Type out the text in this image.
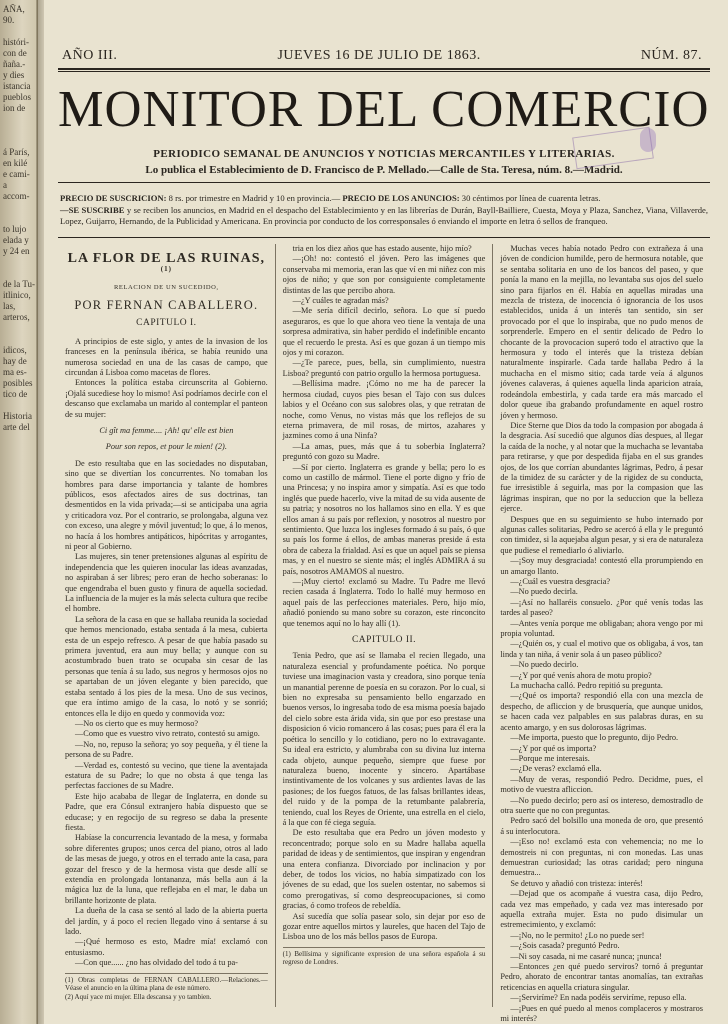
AÑA,
90.

históri-
con de
ñaña.-
y dies
istancia
pueblos
ion de

á París,
en kilé
e cami-
a accom-

to lujo
elada y
y 24 en

de la Tu-
itlinico,
las,
arteros,

idicos,
hay de
ma es-
posibles
tico de

Historia
arte del
AÑO III.	JUEVES 16 DE JULIO DE 1863.	NÚM. 87.
MONITOR DEL COMERCIO
PERIODICO SEMANAL DE ANUNCIOS Y NOTICIAS MERCANTILES Y LITERARIAS.
Lo publica el Establecimiento de D. Francisco de P. Mellado.—Calle de Sta. Teresa, núm. 8.—Madrid.

PRECIO DE SUSCRICION: 8 rs. por trimestre en Madrid y 10 en provincia.— PRECIO DE LOS ANUNCIOS: 30 céntimos por línea de cuarenta letras.

—SE SUSCRIBE y se reciben los anuncios, en Madrid en el despacho del Establecimiento y en las librerías de Durán, Bayll-Bailliere, Cuesta, Moya y Plaza, Sanchez, Viana, Villaverde, Lopez, Guijarro, Hernando, de la Publicidad y Americana. En provincia por conducto de los corresponsales ó enviando el importe en letra ó sellos de franqueo.

LA FLOR DE LAS RUINAS, $^{(1)}$
RELACION DE UN SUCEDIDO,
POR FERNAN CABALLERO.
CAPITULO I.

A principios de este siglo, y antes de la invasion de los franceses en la península ibérica, se había reunido una numerosa sociedad en una de las casas de campo, que circundan á Lisboa como macetas de flores.

Entonces la política estaba circunscrita al Gobierno. ¡Ojalá sucediese hoy lo mismo! Así podríamos decirle con el descanso que exclamaba un marido al contemplar el panteon de su mujer:

Ci gît ma femme.... ¡Ah! qu' elle est bien

Pour son repos, et pour le mien! (2).

De esto resultaba que en las sociedades no disputaban, sino que se divertían los concurrentes. No tomaban los hombres para darse importancia y talante de hombres públicos, esos afectados aires de sus doctrinas, tan desmentidos en la vida privada;—si se anticipaba una agria y criticadora voz. Por el contrario, se prolongaba, alguna vez con exceso, una alegre y móvil juventud; lo que, á lo menos, no hacía á los hombres antipáticos, hipócritas y arrogantes, ni peor al Gobierno.

Las mujeres, sin tener pretensiones algunas al espíritu de independencia que les quieren inocular las ideas avanzadas, no aspiraban á ser libres; pero eran de hecho soberanas: lo que engendraba el buen gusto y finura de aquella sociedad. La influencia de la mujer es la más selecta cultura que recibe el hombre.

La señora de la casa en que se hallaba reunida la sociedad que hemos mencionado, estaba sentada á la mesa, cubierta esta de un espejo refresco. A pesar de que había pasado su primera juventud, era aun muy bella; y aunque con su acostumbrado buen trato se ocupaba sin cesar de las personas que tenía á su lado, sus negros y hermosos ojos no se apartaban de un jóven elegante y bien parecido, que estaba sentado á los pies de la mesa. Uno de sus vecinos, que era íntimo amigo de la casa, lo notó y se sonrió; entonces ella le dijo en quedo y conmovida voz:

—No os cierto que es muy hermoso?

—Como que es vuestro vivo retrato, contestó su amigo.

—No, no, repuso la señora; yo soy pequeña, y él tiene la persona de su Padre.

—Verdad es, contestó su vecino, que tiene la aventajada estatura de su Padre; lo que no obsta á que tenga las perfectas facciones de su Madre.

Este hijo acababa de llegar de Inglaterra, en donde su Padre, que era Cónsul extranjero había dispuesto que se educase; y en regocijo de su regreso se daba la presente fiesta.

Habíase la concurrencia levantado de la mesa, y formaba sobre diferentes grupos; unos cerca del piano, otros al lado de las mesas de juego, y otros en el terrado ante la casa, para gozar del fresco y de la hermosa vista que desde allí se extendía en prolongada lontananza, más bella aun á la mágica luz de la luna, que reflejaba en el mar, le daba un brillante horizonte de plata.

La dueña de la casa se sentó al lado de la abierta puerta del jardín, y á poco el recien llegado vino á sentarse á su lado.

—¡Qué hermoso es esto, Madre mía! exclamó con entusiasmo.

—Con que...... ¿no has olvidado del todo á tu pa-

(1) Obras completas de FERNAN CABALLERO.—Relaciones.—Véase el anuncio en la última plana de este número.

(2) Aquí yace mi mujer. Ella descansa y yo tambien.

tria en los diez años que has estado ausente, hijo mío?

—¡Oh! no: contestó el jóven. Pero las imágenes que conservaba mi memoria, eran las que ví en mi niñez con mis ojos de niño; y que son por consiguiente completamente distintas de las que percibo ahora.

—¿Y cuáles te agradan más?

—Me sería difícil decirlo, señora. Lo que sí puedo aseguraros, es que lo que ahora veo tiene la ventaja de una sorpresa admirativa, sin haber perdido el indefinible encanto que el recuerdo le presta. Así es que gozan á un tiempo mis ojos y mi corazon.

—¿Te parece, pues, bella, sin cumplimiento, nuestra Lisboa? preguntó con patrio orgullo la hermosa portuguesa.

—Bellísima madre. ¡Cómo no me ha de parecer la hermosa ciudad, cuyos pies besan el Tajo con sus dulces labios y el Océano con sus salobres olas, y que retratan de noche, como Venus, no vistas más que los reflejos de su eterna primavera, de mil rosas, de mirtos, azahares y jazmines como á una Ninfa?

—La amas, pues, más que á tu soberbia Inglaterra? preguntó con gozo su Madre.

—Sí por cierto. Inglaterra es grande y bella; pero lo es como un castillo de mármol. Tiene el porte digno y frío de una Princesa; y no inspira amor y simpatía. Así es que todo inglés que puede hacerlo, vive la mitad de su vida ausente de su patria; y nosotros no los hallamos sino en ella. Y es que ellos aman á su país por reflexion, y nosotros al nuestro por sentimiento. Que luzca los ingleses formado á su país, ó que su país los forme á ellos, de ambas maneras preside á esta obra de cabeza la frialdad. Así es que un aquel país se piensa mas, y en el nuestro se siente más; el inglés ADMIRA á su país, nosotros AMAMOS al nuestro.

—¡Muy cierto! exclamó su Madre. Tu Padre me llevó recien casada á Inglaterra. Todo lo hallé muy hermoso en aquel país de las perfecciones materiales. Pero, hijo mío, añadió poniendo su mano sobre su corazon, este rinconcito que tenemos aquí no lo hay allí (1).

CAPITULO II.

Tenia Pedro, que así se llamaba el recien llegado, una naturaleza esencial y profundamente poética. No porque tuviese una imaginacion vasta y creadora, sino porque tenía un manantial perenne de poesía en su corazon. Por lo cual, si bien no expresaba su pensamiento bello engarzado en buenos versos, lo ingresaba todo de esa misma poesía bajado del cielo sobre esta árida vida, sin que por eso prestase una disposicion ó vicio romancero á las cosas; pues para él era la poética lo sencillo y lo cotidiano, pero no lo extravagante. Su ideal era estricto, y alumbraba con su divina luz interna cada objeto, aunque pequeño, siempre que fuese por naturaleza bueno, inocente y sincero. Apartábase instintivamente de los volcanes y sus ardientes lavas de las pasiones; de los fuegos fatuos, de las falsas brillantes ideas, del ruido y de la pompa de la retumbante palabrería, teniendo, cual los Reyes de Oriente, una estrella en el cielo, á la que con fé ciega seguía.

De esto resultaba que era Pedro un jóven modesto y reconcentrado; porque solo en su Madre hallaba aquella paridad de ideas y de sentimientos, que inspiran y engendran una entera confianza. Divorciado por inclinacion y por deber, de todos los vicios, no había simpatizado con los jóvenes de su edad, que los suelen ostentar, no sabemos si como prerogativas, sí como despreocupaciones, si como gracias, ó como trofeos de rebeldía.

Así sucedía que solía pasear solo, sin dejar por eso de gozar entre aquellos mirtos y laureles, que hacen del Tajo de Lisboa uno de los más bellos pasos de Europa.

(1) Bellísima y significante expresion de una señora española á su regreso de Londres.

Muchas veces había notado Pedro con extrañeza á una jóven de condicion humilde, pero de hermosura notable, que se sentaba solitaria en uno de los bancos del paseo, y que ponía la mano en la mejilla, no levantaba sus ojos del suelo sino para fijarlos en él. Había en aquellas miradas una mezcla de tristeza, de inocencia ó ignorancia de los usos establecidos, unida á un interés tan sentido, sin ser provocado por el que lo inspiraba, que no pudo menos de sorprenderle. Empero en el sentir delicado de Pedro lo chocante de la provocacion superó todo el atractivo que la hermosura y todo el interés que la tristeza debían naturalmente inspirarle. Cada tarde hallaba Pedro á la muchacha en el mismo sitio; cada tarde veía á algunos jóvenes calaveras, á quienes aquella linda aparicion atraía, rodeándola embestirla, y cada tarde era más marcado el dolor queue iba grabando profundamente en aquel rostro jóven y hermoso.

Dice Sterne que Dios da todo la compasion por abogada á la desgracia. Así sucedió que algunos días despues, al llegar la caída de la noche, y al notar que la muchacha se levantaba para retirarse, y que por despedida fijaba en el sus grandes ojos, de los que corrían abundantes lágrimas, Pedro, á pesar de la timidez de su carácter y de la rigidez de su conducta, fue irresistible á seguirla, mas por la compasion que las lágrimas inspiran, que no por la seduccion que la belleza ejerce.

Despues que en su seguimiento se hubo internado por algunas calles solitarias, Pedro se acercó á ella y le preguntó con timidez, si la aquejaba algun pesar, y si era de naturaleza que pudiese el remediarlo ó aliviarlo.

—¡Soy muy desgraciada! contestó ella prorumpiendo en un amargo llanto.

—¿Cuál es vuestra desgracia?

—No puedo decirla.

—¡Así no hallaréis consuelo. ¿Por qué venís todas las tardes al paseo?

—Antes venía porque me obligaban; ahora vengo por mi propia voluntad.

—¿Quién os, y cual el motivo que os obligaba, á vos, tan linda y tan niña, á venir sola á un paseo público?

—No puedo decirlo.

—¿Y por qué venís ahora de motu propio?

La muchacha calló. Pedro repitió su pregunta.

—¿Qué os importa? respondió ella con una mezcla de despecho, de afliccion y de brusquería, que aunque unidos, se hacen cada vez palpables en sus palabras duras, en su acento amargo, y en sus dolorosas lágrimas.

—Me importa, puesto que lo pregunto, dijo Pedro.

—¿Y por qué os importa?

—Porque me interesais.

—¿De veras? exclamó ella.

—Muy de veras, respondió Pedro. Decidme, pues, el motivo de vuestra afliccion.

—No puedo decirlo; pero así os intereso, demostradlo de otra suerte que no con preguntas.

Pedro sacó del bolsillo una moneda de oro, que presentó á su interlocutora.

—¡Eso no! exclamó esta con vehemencia; no me lo demostreis ni con preguntas, ni con monedas. Las unas demuestran curiosidad; las otras caridad; pero ninguna demuestra...

Se detuvo y añadió con tristeza: interés!

—Dejad que os acompañe á vuestra casa, dijo Pedro, cada vez mas empeñado, y cada vez mas interesado por aquella extraña mujer. Esta no pudo disimular un estremecimiento, y exclamó:

—¡No, no le permito! ¿Lo no puede ser!

—¿Sois casada? preguntó Pedro.

—Ni soy casada, ni me casaré nunca; ¡nunca!

—Entonces ¿en qué puedo serviros? tornó á preguntar Pedro, ahorato de encontrar tantas anomalías, tan extrañas reticencias en aquella criatura singular.

—¡Serviríme? En nada podéis serviríme, repuso ella.

—¡Pues en qué puedo al menos complaceros y mostraros mi interés?
